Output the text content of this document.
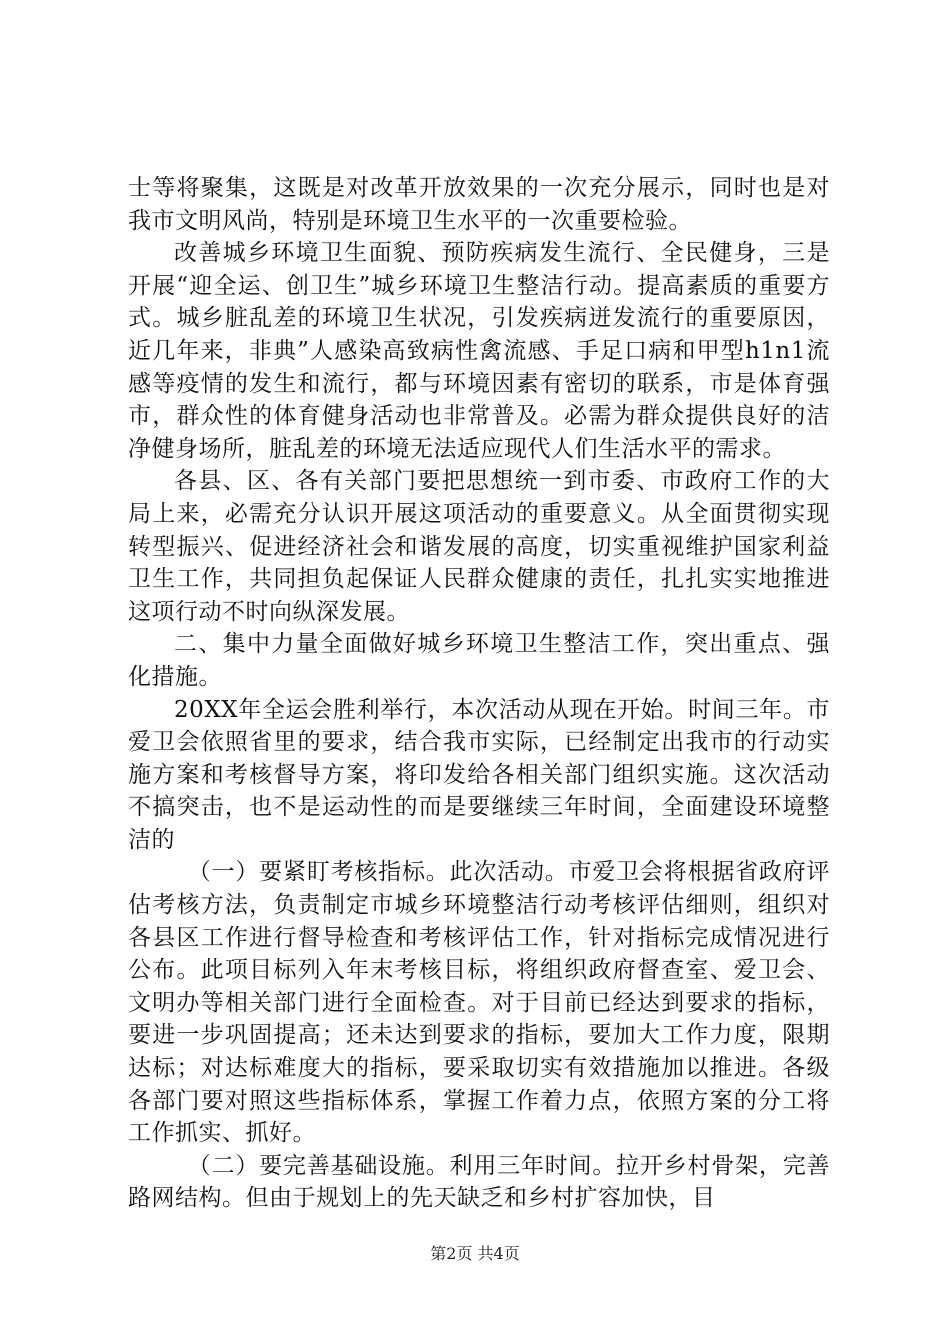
士等将聚集，这既是对改革开放效果的一次充分展示，同时也是对我市文明风尚，特别是环境卫生水平的一次重要检验。

改善城乡环境卫生面貌、预防疾病发生流行、全民健身，三是开展“迎全运、创卫生”城乡环境卫生整洁行动。提高素质的重要方式。城乡脏乱差的环境卫生状况，引发疾病迸发流行的重要原因，近几年来，非典”人感染高致病性禽流感、手足口病和甲型h1n1流感等疫情的发生和流行，都与环境因素有密切的联系，市是体育强市，群众性的体育健身活动也非常普及。必需为群众提供良好的洁净健身场所，脏乱差的环境无法适应现代人们生活水平的需求。

各县、区、各有关部门要把思想统一到市委、市政府工作的大局上来，必需充分认识开展这项活动的重要意义。从全面贯彻实现转型振兴、促进经济社会和谐发展的高度，切实重视维护国家利益卫生工作，共同担负起保证人民群众健康的责任，扎扎实实地推进这项行动不时向纵深发展。

二、集中力量全面做好城乡环境卫生整洁工作，突出重点、强化措施。

20XX年全运会胜利举行，本次活动从现在开始。时间三年。市爱卫会依照省里的要求，结合我市实际，已经制定出我市的行动实施方案和考核督导方案，将印发给各相关部门组织实施。这次活动不搞突击，也不是运动性的而是要继续三年时间，全面建设环境整洁的

（一）要紧盯考核指标。此次活动。市爱卫会将根据省政府评估考核方法，负责制定市城乡环境整洁行动考核评估细则，组织对各县区工作进行督导检查和考核评估工作，针对指标完成情况进行公布。此项目标列入年末考核目标，将组织政府督查室、爱卫会、文明办等相关部门进行全面检查。对于目前已经达到要求的指标，要进一步巩固提高；还未达到要求的指标，要加大工作力度，限期达标；对达标难度大的指标，要采取切实有效措施加以推进。各级各部门要对照这些指标体系，掌握工作着力点，依照方案的分工将工作抓实、抓好。

（二）要完善基础设施。利用三年时间。拉开乡村骨架，完善路网结构。但由于规划上的先天缺乏和乡村扩容加快，目

第2页 共4页
